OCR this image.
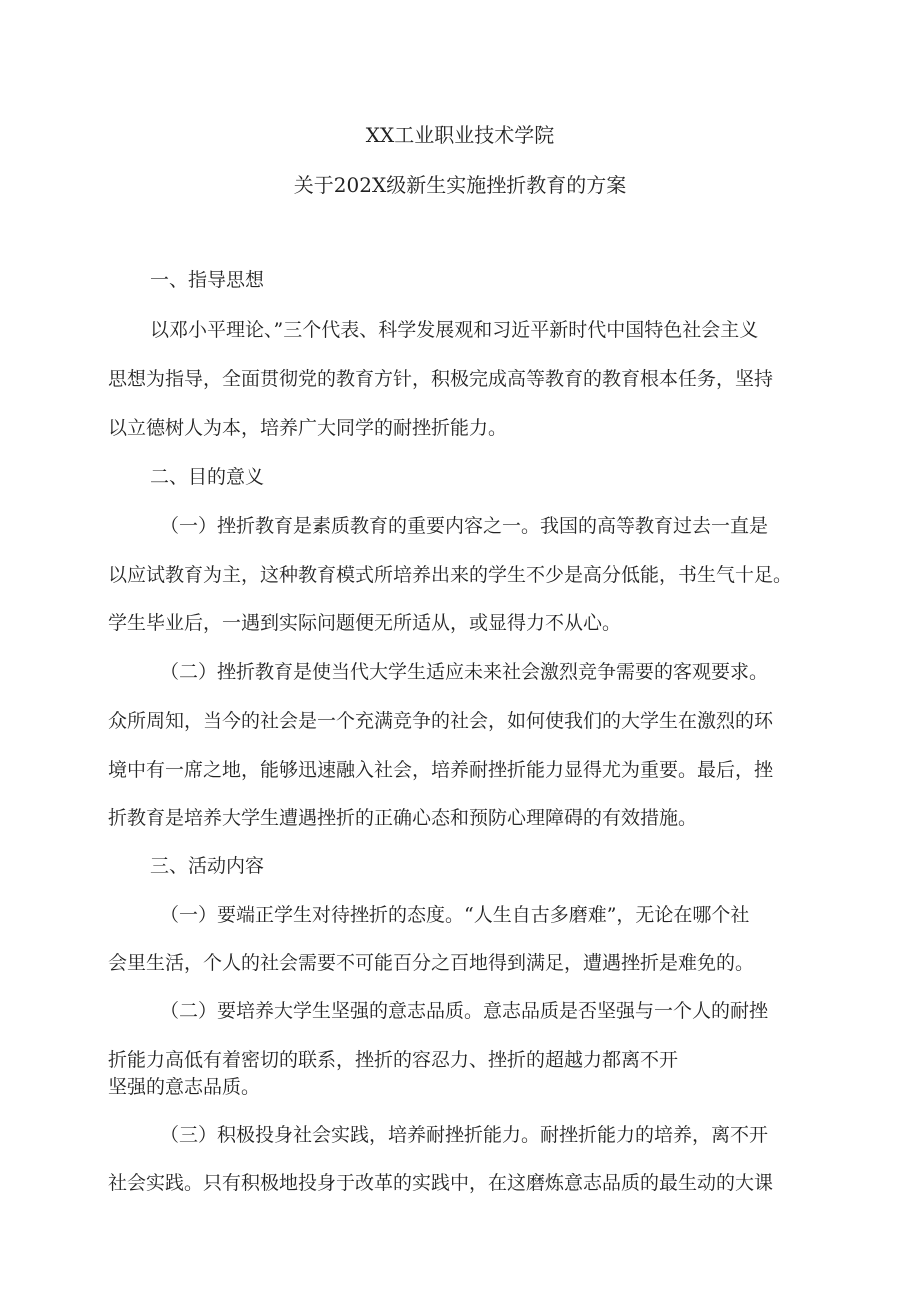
XX工业职业技术学院
关于202X级新生实施挫折教育的方案
一、指导思想
以邓小平理论、”三个代表、科学发展观和习近平新时代中国特色社会主义
思想为指导，全面贯彻党的教育方针，积极完成高等教育的教育根本任务，坚持
以立德树人为本，培养广大同学的耐挫折能力。
二、目的意义
（一）挫折教育是素质教育的重要内容之一。我国的高等教育过去一直是
以应试教育为主，这种教育模式所培养出来的学生不少是高分低能，书生气十足。
学生毕业后，一遇到实际问题便无所适从，或显得力不从心。
（二）挫折教育是使当代大学生适应未来社会激烈竞争需要的客观要求。
众所周知，当今的社会是一个充满竞争的社会，如何使我们的大学生在激烈的环
境中有一席之地，能够迅速融入社会，培养耐挫折能力显得尤为重要。最后，挫
折教育是培养大学生遭遇挫折的正确心态和预防心理障碍的有效措施。
三、活动内容
（一）要端正学生对待挫折的态度。“人生自古多磨难”，无论在哪个社
会里生活，个人的社会需要不可能百分之百地得到满足，遭遇挫折是难免的。
（二）要培养大学生坚强的意志品质。意志品质是否坚强与一个人的耐挫
折能力高低有着密切的联系，挫折的容忍力、挫折的超越力都离不开
坚强的意志品质。
（三）积极投身社会实践，培养耐挫折能力。耐挫折能力的培养，离不开
社会实践。只有积极地投身于改革的实践中，在这磨炼意志品质的最生动的大课
